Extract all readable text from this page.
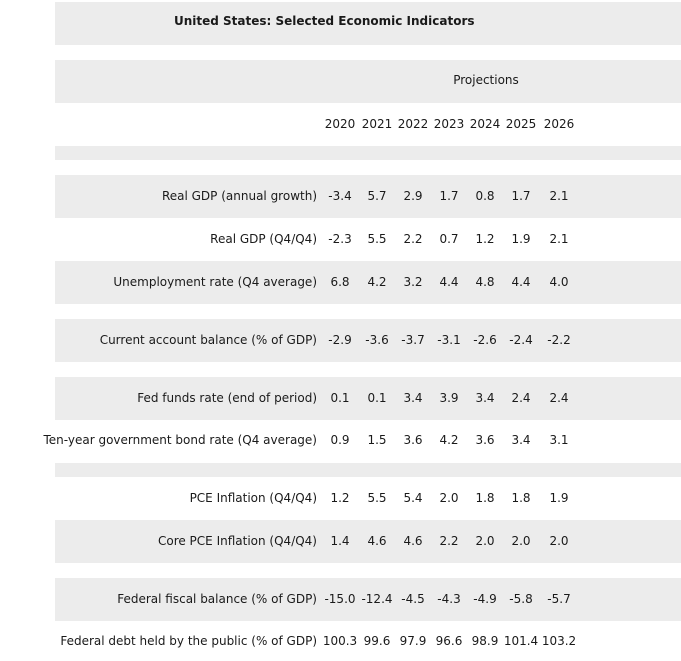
United States: Selected Economic Indicators
Projections
2020 2021 2022 2023 2024 2025 2026
Real GDP (annual growth) -3.4 5.7 2.9 1.7 0.8 1.7 2.1
Real GDP (Q4/Q4) -2.3 5.5 2.2 0.7 1.2 1.9 2.1
Unemployment rate (Q4 average) 6.8 4.2 3.2 4.4 4.8 4.4 4.0
Current account balance (% of GDP) -2.9 -3.6 -3.7 -3.1 -2.6 -2.4 -2.2
Fed funds rate (end of period) 0.1 0.1 3.4 3.9 3.4 2.4 2.4
Ten-year government bond rate (Q4 average) 0.9 1.5 3.6 4.2 3.6 3.4 3.1
PCE Inflation (Q4/Q4) 1.2 5.5 5.4 2.0 1.8 1.8 1.9
Core PCE Inflation (Q4/Q4) 1.4 4.6 4.6 2.2 2.0 2.0 2.0
Federal fiscal balance (% of GDP) -15.0 -12.4 -4.5 -4.3 -4.9 -5.8 -5.7
Federal debt held by the public (% of GDP) 100.3 99.6 97.9 96.6 98.9 101.4 103.2
